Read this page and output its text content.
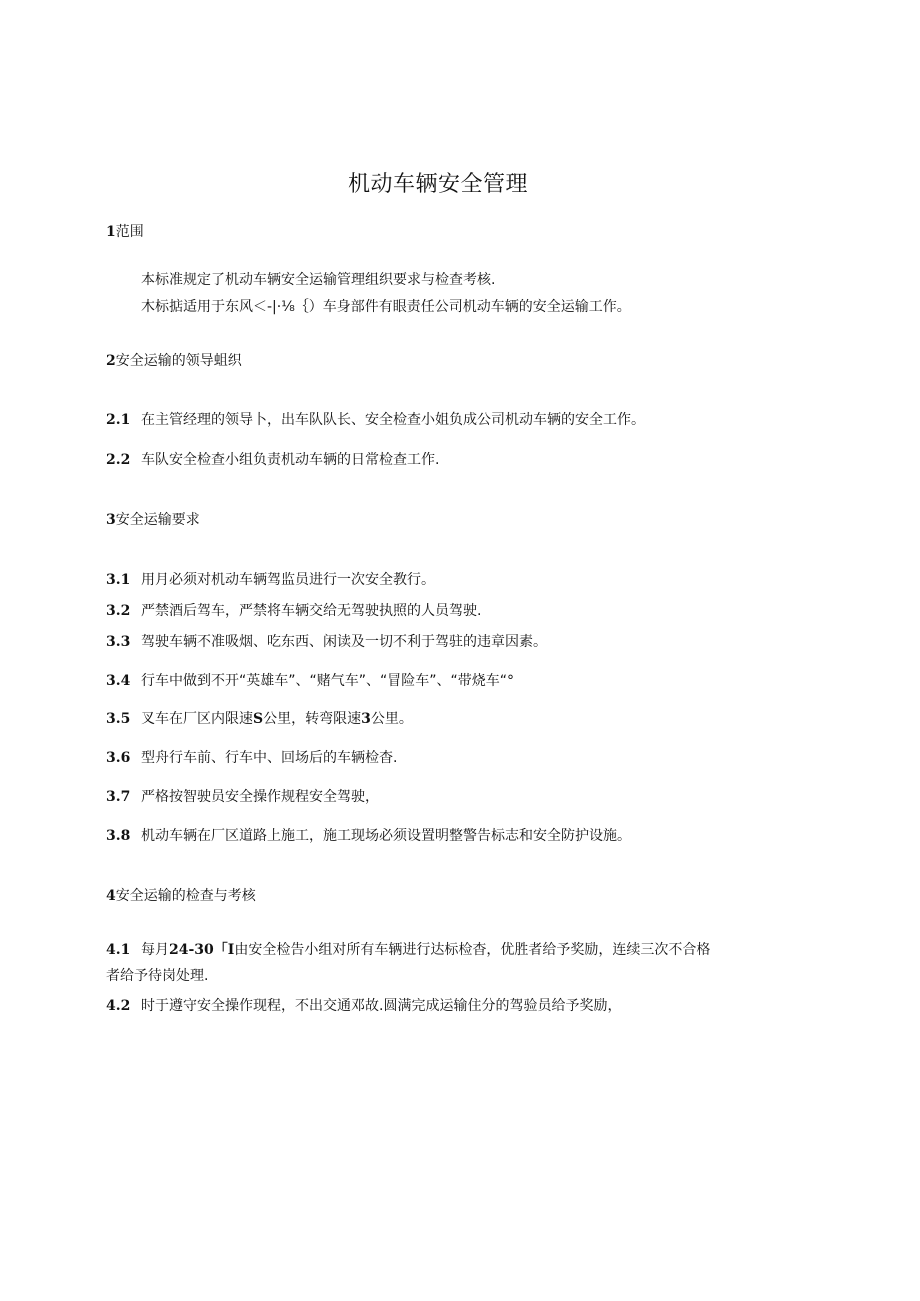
机动车辆安全管理
1范围
本标准规定了机动车辆安全运输管理组织要求与检查考核.
木标掂适用于东风＜-|·⅛｛）车身部件有眼责任公司机动车辆的安全运输工作。
2安全运输的领导蛆织
2.1 在主管经理的领导卜，出车队队长、安全检查小姐负成公司机动车辆的安全工作。
2.2 车队安全检查小组负责机动车辆的日常检查工作.
3安全运输要求
3.1 用月必须对机动车辆驾监员进行一次安全教行。
3.2 严禁酒后驾车，严禁将车辆交给无驾驶执照的人员驾驶.
3.3 驾驶车辆不准吸烟、吃东西、闲读及一切不利于驾驻的违章因素。
3.4 行车中做到不开“英雄车”、“赌气车”、“冒险车”、“带烧车“°
3.5 叉车在厂区内限速S公里，转弯限速3公里。
3.6 型舟行车前、行车中、回场后的车辆检杳.
3.7 严格按智驶员安全操作规程安全驾驶，
3.8 机动车辆在厂区道路上施工，施工现场必须设置明整警告标志和安全防护设施。
4安全运输的检查与考核
4.1 每月24-30「I由安全检告小组对所有车辆进行达标检杳，优胜者给予奖励，连续三次不合格
者给予待岗处理.
4.2 时于遵守安全操作现程，不出交通邓故.圆满完成运输住分的驾验员给予奖励，
